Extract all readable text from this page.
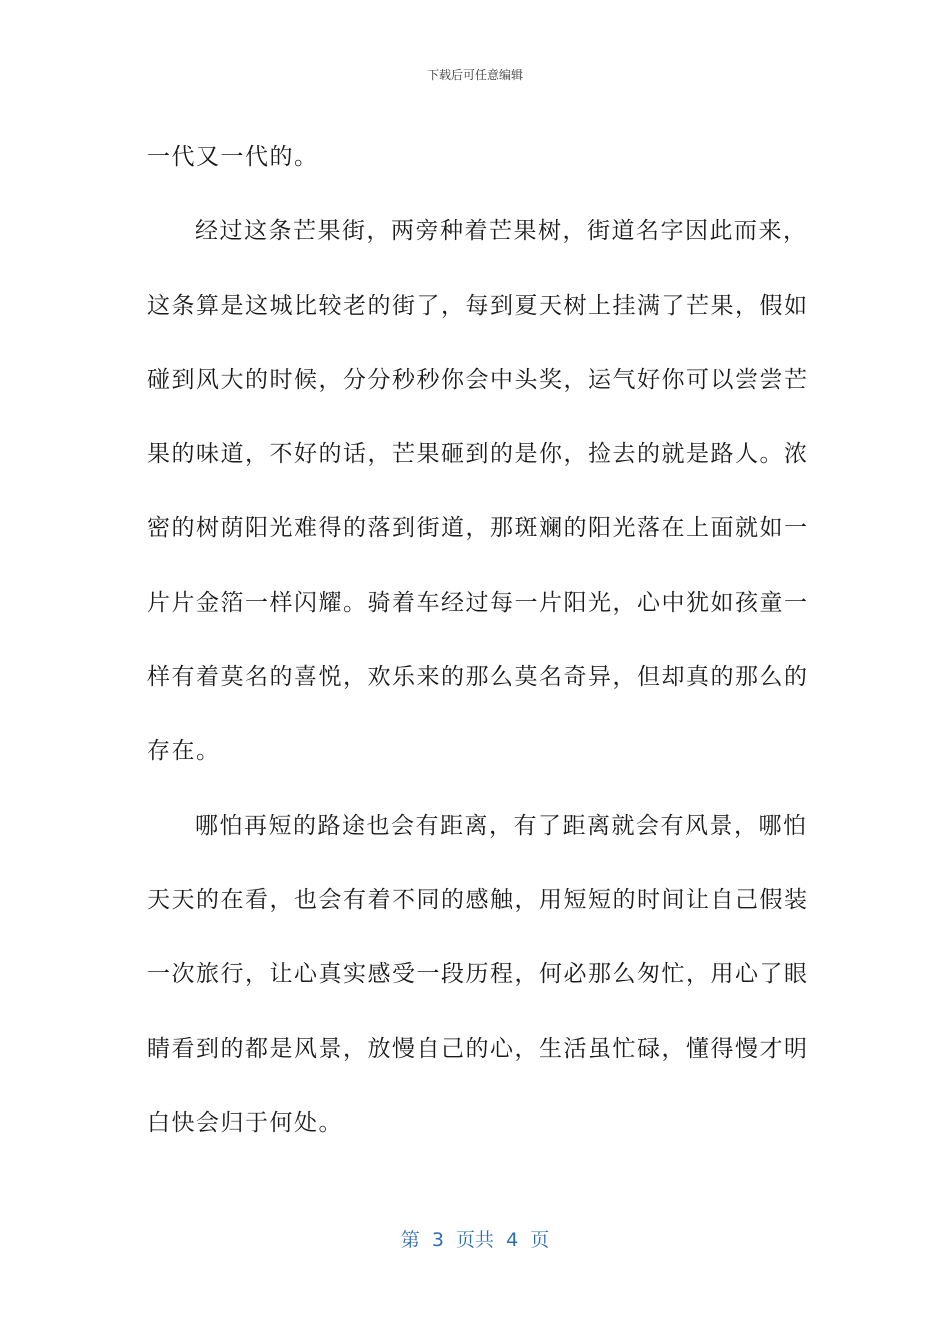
下载后可任意编辑
一代又一代的。
经过这条芒果街，两旁种着芒果树，街道名字因此而来，
这条算是这城比较老的街了，每到夏天树上挂满了芒果，假如
碰到风大的时候，分分秒秒你会中头奖，运气好你可以尝尝芒
果的味道，不好的话，芒果砸到的是你，捡去的就是路人。浓
密的树荫阳光难得的落到街道，那斑斓的阳光落在上面就如一
片片金箔一样闪耀。骑着车经过每一片阳光，心中犹如孩童一
样有着莫名的喜悦，欢乐来的那么莫名奇异，但却真的那么的
存在。
哪怕再短的路途也会有距离，有了距离就会有风景，哪怕
天天的在看，也会有着不同的感触，用短短的时间让自己假装
一次旅行，让心真实感受一段历程，何必那么匆忙，用心了眼
睛看到的都是风景，放慢自己的心，生活虽忙碌，懂得慢才明
白快会归于何处。
第  3  页共  4  页
